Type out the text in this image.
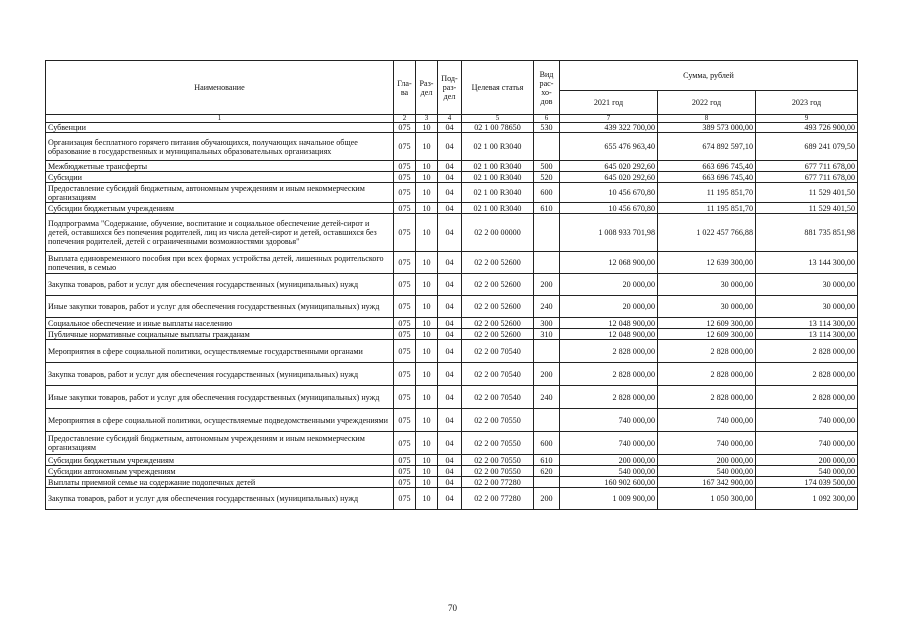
Наименование	Гла-ва	Раз-дел	Под-раз-дел	Целевая статья	Вид рас-хо-дов	Сумма, рублей		
						2021 год	2022 год	2023 год
1	2	3	4	5	6	7	8	9
Субвенции	075	10	04	02 1 00 78650	530	439 322 700,00	389 573 000,00	493 726 900,00
Организация бесплатного горячего питания обучающихся, получающих начальное общее образование в государственных и муниципальных образовательных организациях	075	10	04	02 1 00 R3040		655 476 963,40	674 892 597,10	689 241 079,50
Межбюджетные трансферты	075	10	04	02 1 00 R3040	500	645 020 292,60	663 696 745,40	677 711 678,00
Субсидии	075	10	04	02 1 00 R3040	520	645 020 292,60	663 696 745,40	677 711 678,00
Предоставление субсидий бюджетным, автономным учреждениям и иным некоммерческим организациям	075	10	04	02 1 00 R3040	600	10 456 670,80	11 195 851,70	11 529 401,50
Субсидии бюджетным учреждениям	075	10	04	02 1 00 R3040	610	10 456 670,80	11 195 851,70	11 529 401,50
Подпрограмма "Содержание, обучение, воспитание и социальное обеспечение детей-сирот и детей, оставшихся без попечения родителей, лиц из числа детей-сирот и детей, оставшихся без попечения родителей, детей с ограниченными возможностями здоровья"	075	10	04	02 2 00 00000		1 008 933 701,98	1 022 457 766,88	881 735 851,98
Выплата единовременного пособия при всех формах устройства детей, лишенных родительского попечения, в семью	075	10	04	02 2 00 52600		12 068 900,00	12 639 300,00	13 144 300,00
Закупка товаров, работ и услуг для обеспечения государственных (муниципальных) нужд	075	10	04	02 2 00 52600	200	20 000,00	30 000,00	30 000,00
Иные закупки товаров, работ и услуг для обеспечения государственных (муниципальных) нужд	075	10	04	02 2 00 52600	240	20 000,00	30 000,00	30 000,00
Социальное обеспечение и иные выплаты населению	075	10	04	02 2 00 52600	300	12 048 900,00	12 609 300,00	13 114 300,00
Публичные нормативные социальные выплаты гражданам	075	10	04	02 2 00 52600	310	12 048 900,00	12 609 300,00	13 114 300,00
Мероприятия в сфере социальной политики, осуществляемые государственными органами	075	10	04	02 2 00 70540		2 828 000,00	2 828 000,00	2 828 000,00
Закупка товаров, работ и услуг для обеспечения государственных (муниципальных) нужд	075	10	04	02 2 00 70540	200	2 828 000,00	2 828 000,00	2 828 000,00
Иные закупки товаров, работ и услуг для обеспечения государственных (муниципальных) нужд	075	10	04	02 2 00 70540	240	2 828 000,00	2 828 000,00	2 828 000,00
Мероприятия в сфере социальной политики, осуществляемые подведомственными учреждениями	075	10	04	02 2 00 70550		740 000,00	740 000,00	740 000,00
Предоставление субсидий бюджетным, автономным учреждениям и иным некоммерческим организациям	075	10	04	02 2 00 70550	600	740 000,00	740 000,00	740 000,00
Субсидии бюджетным учреждениям	075	10	04	02 2 00 70550	610	200 000,00	200 000,00	200 000,00
Субсидии автономным учреждениям	075	10	04	02 2 00 70550	620	540 000,00	540 000,00	540 000,00
Выплаты приемной семье на содержание подопечных детей	075	10	04	02 2 00 77280		160 902 600,00	167 342 900,00	174 039 500,00
Закупка товаров, работ и услуг для обеспечения государственных (муниципальных) нужд	075	10	04	02 2 00 77280	200	1 009 900,00	1 050 300,00	1 092 300,00
70
